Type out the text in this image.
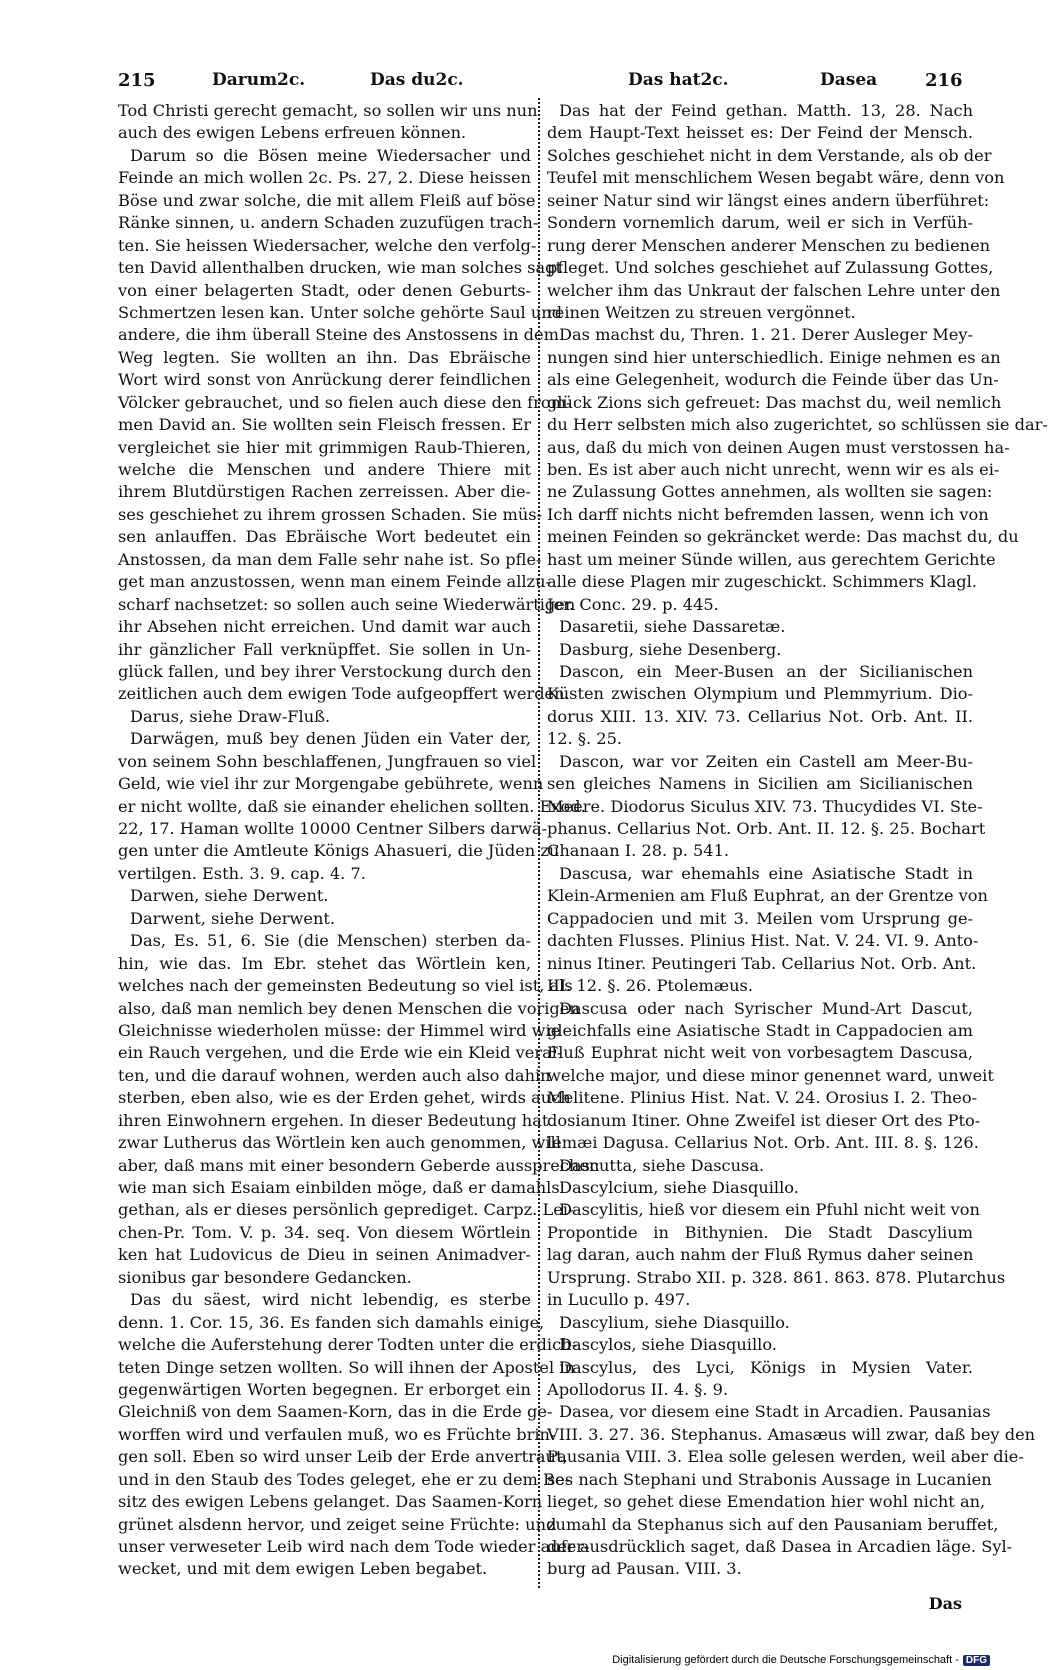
215	Darum2c.	Das du2c.	Das hat2c.	Dasea	216
Tod Christi gerecht gemacht, so sollen wir uns nun
auch des ewigen Lebens erfreuen können.
Darum so die Bösen meine Wiedersacher und
Feinde an mich wollen 2c. Ps. 27, 2. Diese heissen
Böse und zwar solche, die mit allem Fleiß auf böse
Ränke sinnen, u. andern Schaden zuzufügen trach-
ten. Sie heissen Wiedersacher, welche den verfolg-
ten David allenthalben drucken, wie man solches sagt
von einer belagerten Stadt, oder denen Geburts-
Schmertzen lesen kan. Unter solche gehörte Saul und
andere, die ihm überall Steine des Anstossens in dem
Weg legten. Sie wollten an ihn. Das Ebräische
Wort wird sonst von Anrückung derer feindlichen
Völcker gebrauchet, und so fielen auch diese den from-
men David an. Sie wollten sein Fleisch fressen. Er
vergleichet sie hier mit grimmigen Raub-Thieren,
welche die Menschen und andere Thiere mit
ihrem Blutdürstigen Rachen zerreissen. Aber die-
ses geschiehet zu ihrem grossen Schaden. Sie müs-
sen anlauffen. Das Ebräische Wort bedeutet ein
Anstossen, da man dem Falle sehr nahe ist. So pfle-
get man anzustossen, wenn man einem Feinde allzu-
scharf nachsetzet: so sollen auch seine Wiederwärtigen
ihr Absehen nicht erreichen. Und damit war auch
ihr gänzlicher Fall verknüpffet. Sie sollen in Un-
glück fallen, und bey ihrer Verstockung durch den
zeitlichen auch dem ewigen Tode aufgeopffert werden.
Darus, siehe Draw-Fluß.
Darwägen, muß bey denen Jüden ein Vater der,
von seinem Sohn beschlaffenen, Jungfrauen so viel
Geld, wie viel ihr zur Morgengabe gebührete, wenn
er nicht wollte, daß sie einander ehelichen sollten. Exod.
22, 17. Haman wollte 10000 Centner Silbers darwä-
gen unter die Amtleute Königs Ahasueri, die Jüden zu
vertilgen. Esth. 3. 9. cap. 4. 7.
Darwen, siehe Derwent.
Darwent, siehe Derwent.
Das, Es. 51, 6. Sie (die Menschen) sterben da-
hin, wie das. Im Ebr. stehet das Wörtlein ken,
welches nach der gemeinsten Bedeutung so viel ist, als
also, daß man nemlich bey denen Menschen die vorigen
Gleichnisse wiederholen müsse: der Himmel wird wie
ein Rauch vergehen, und die Erde wie ein Kleid veral-
ten, und die darauf wohnen, werden auch also dahin
sterben, eben also, wie es der Erden gehet, wirds auch
ihren Einwohnern ergehen. In dieser Bedeutung hat
zwar Lutherus das Wörtlein ken auch genommen, will
aber, daß mans mit einer besondern Geberde aussprechen
wie man sich Esaiam einbilden möge, daß er damahls
gethan, als er dieses persönlich geprediget. Carpz. Lei-
chen-Pr. Tom. V. p. 34. seq. Von diesem Wörtlein
ken hat Ludovicus de Dieu in seinen Animadver-
sionibus gar besondere Gedancken.
Das du säest, wird nicht lebendig, es sterbe
denn. 1. Cor. 15, 36. Es fanden sich damahls einige,
welche die Auferstehung derer Todten unter die erdich-
teten Dinge setzen wollten. So will ihnen der Apostel in
gegenwärtigen Worten begegnen. Er erborget ein
Gleichniß von dem Saamen-Korn, das in die Erde ge-
worffen wird und verfaulen muß, wo es Früchte brin-
gen soll. Eben so wird unser Leib der Erde anvertraut,
und in den Staub des Todes geleget, ehe er zu dem Be-
sitz des ewigen Lebens gelanget. Das Saamen-Korn
grünet alsdenn hervor, und zeiget seine Früchte: und
unser verweseter Leib wird nach dem Tode wieder aufer-
wecket, und mit dem ewigen Leben begabet.
Das hat der Feind gethan. Matth. 13, 28. Nach
dem Haupt-Text heisset es: Der Feind der Mensch.
Solches geschiehet nicht in dem Verstande, als ob der
Teufel mit menschlichem Wesen begabt wäre, denn von
seiner Natur sind wir längst eines andern überführet:
Sondern vornemlich darum, weil er sich in Verfüh-
rung derer Menschen anderer Menschen zu bedienen
pfleget. Und solches geschiehet auf Zulassung Gottes,
welcher ihm das Unkraut der falschen Lehre unter den
reinen Weitzen zu streuen vergönnet.
Das machst du, Thren. 1. 21. Derer Ausleger Mey-
nungen sind hier unterschiedlich. Einige nehmen es an
als eine Gelegenheit, wodurch die Feinde über das Un-
glück Zions sich gefreuet: Das machst du, weil nemlich
du Herr selbsten mich also zugerichtet, so schlüssen sie dar-
aus, daß du mich von deinen Augen must verstossen ha-
ben. Es ist aber auch nicht unrecht, wenn wir es als ei-
ne Zulassung Gottes annehmen, als wollten sie sagen:
Ich darff nichts nicht befremden lassen, wenn ich von
meinen Feinden so gekräncket werde: Das machst du, du
hast um meiner Sünde willen, aus gerechtem Gerichte
alle diese Plagen mir zugeschickt. Schimmers Klagl.
Jer. Conc. 29. p. 445.
Dasaretii, siehe Dassaretæ.
Dasburg, siehe Desenberg.
Dascon, ein Meer-Busen an der Sicilianischen
Küsten zwischen Olympium und Plemmyrium. Dio-
dorus XIII. 13. XIV. 73. Cellarius Not. Orb. Ant. II.
12. §. 25.
Dascon, war vor Zeiten ein Castell am Meer-Bu-
sen gleiches Namens in Sicilien am Sicilianischen
Meere. Diodorus Siculus XIV. 73. Thucydides VI. Ste-
phanus. Cellarius Not. Orb. Ant. II. 12. §. 25. Bochart
Chanaan I. 28. p. 541.
Dascusa, war ehemahls eine Asiatische Stadt in
Klein-Armenien am Fluß Euphrat, an der Grentze von
Cappadocien und mit 3. Meilen vom Ursprung ge-
dachten Flusses. Plinius Hist. Nat. V. 24. VI. 9. Anto-
ninus Itiner. Peutingeri Tab. Cellarius Not. Orb. Ant.
III. 12. §. 26. Ptolemæus.
Dascusa oder nach Syrischer Mund-Art Dascut,
gleichfalls eine Asiatische Stadt in Cappadocien am
Fluß Euphrat nicht weit von vorbesagtem Dascusa,
welche major, und diese minor genennet ward, unweit
Melitene. Plinius Hist. Nat. V. 24. Orosius I. 2. Theo-
dosianum Itiner. Ohne Zweifel ist dieser Ort des Pto-
lemæi Dagusa. Cellarius Not. Orb. Ant. III. 8. §. 126.
Dascutta, siehe Dascusa.
Dascylcium, siehe Diasquillo.
Dascylitis, hieß vor diesem ein Pfuhl nicht weit von
Propontide in Bithynien. Die Stadt Dascylium
lag daran, auch nahm der Fluß Rymus daher seinen
Ursprung. Strabo XII. p. 328. 861. 863. 878. Plutarchus
in Lucullo p. 497.
Dascylium, siehe Diasquillo.
Dascylos, siehe Diasquillo.
Dascylus, des Lyci, Königs in Mysien Vater.
Apollodorus II. 4. §. 9.
Dasea, vor diesem eine Stadt in Arcadien. Pausanias
VIII. 3. 27. 36. Stephanus. Amasæus will zwar, daß bey den
Pausania VIII. 3. Elea solle gelesen werden, weil aber die-
ses nach Stephani und Strabonis Aussage in Lucanien
lieget, so gehet diese Emendation hier wohl nicht an,
zumahl da Stephanus sich auf den Pausaniam beruffet,
der ausdrücklich saget, daß Dasea in Arcadien läge. Syl-
burg ad Pausan. VIII. 3.
Das
Digitalisierung gefördert durch die Deutsche Forschungsgemeinschaft - DFG
